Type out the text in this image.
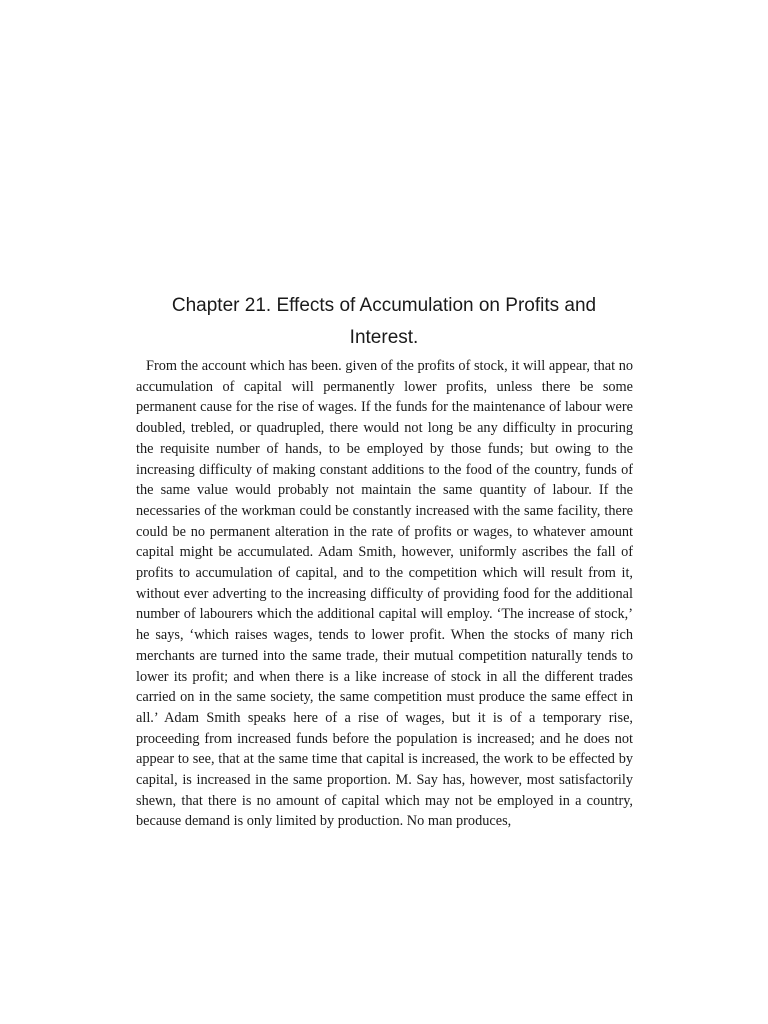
Chapter 21. Effects of Accumulation on Profits and Interest.

From the account which has been. given of the profits of stock, it will appear, that no accumulation of capital will permanently lower profits, unless there be some permanent cause for the rise of wages. If the funds for the maintenance of labour were doubled, trebled, or quadrupled, there would not long be any difficulty in procuring the requisite number of hands, to be employed by those funds; but owing to the increasing difficulty of making constant additions to the food of the country, funds of the same value would probably not maintain the same quantity of labour. If the necessaries of the workman could be constantly increased with the same facility, there could be no permanent alteration in the rate of profits or wages, to whatever amount capital might be accumulated. Adam Smith, however, uniformly ascribes the fall of profits to accumulation of capital, and to the competition which will result from it, without ever adverting to the increasing difficulty of providing food for the additional number of labourers which the additional capital will employ. ‘The increase of stock,’ he says, ‘which raises wages, tends to lower profit. When the stocks of many rich merchants are turned into the same trade, their mutual competition naturally tends to lower its profit; and when there is a like increase of stock in all the different trades carried on in the same society, the same competition must produce the same effect in all.’ Adam Smith speaks here of a rise of wages, but it is of a temporary rise, proceeding from increased funds before the population is increased; and he does not appear to see, that at the same time that capital is increased, the work to be effected by capital, is increased in the same proportion. M. Say has, however, most satisfactorily shewn, that there is no amount of capital which may not be employed in a country, because demand is only limited by production. No man produces,
